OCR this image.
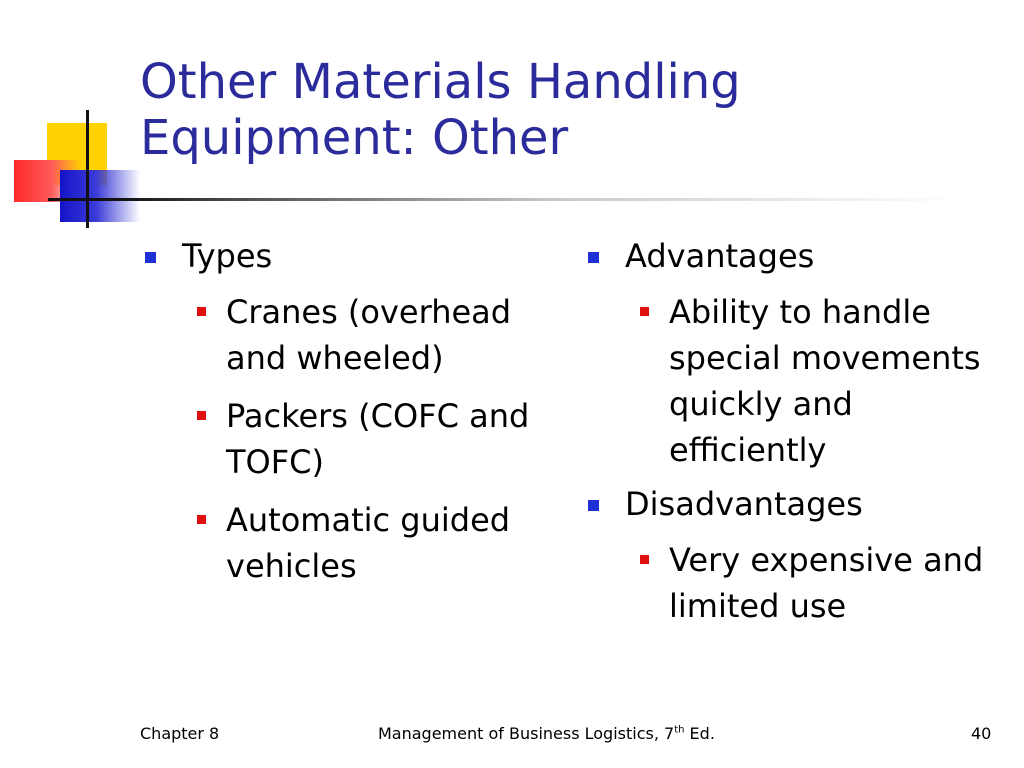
Other Materials Handling
Equipment: Other
Types
Cranes (overhead and wheeled)
Packers (COFC and TOFC)
Automatic guided vehicles
Advantages
Ability to handle special movements quickly and efficiently
Disadvantages
Very expensive and limited use
Chapter 8	Management of Business Logistics, 7th Ed.	40
